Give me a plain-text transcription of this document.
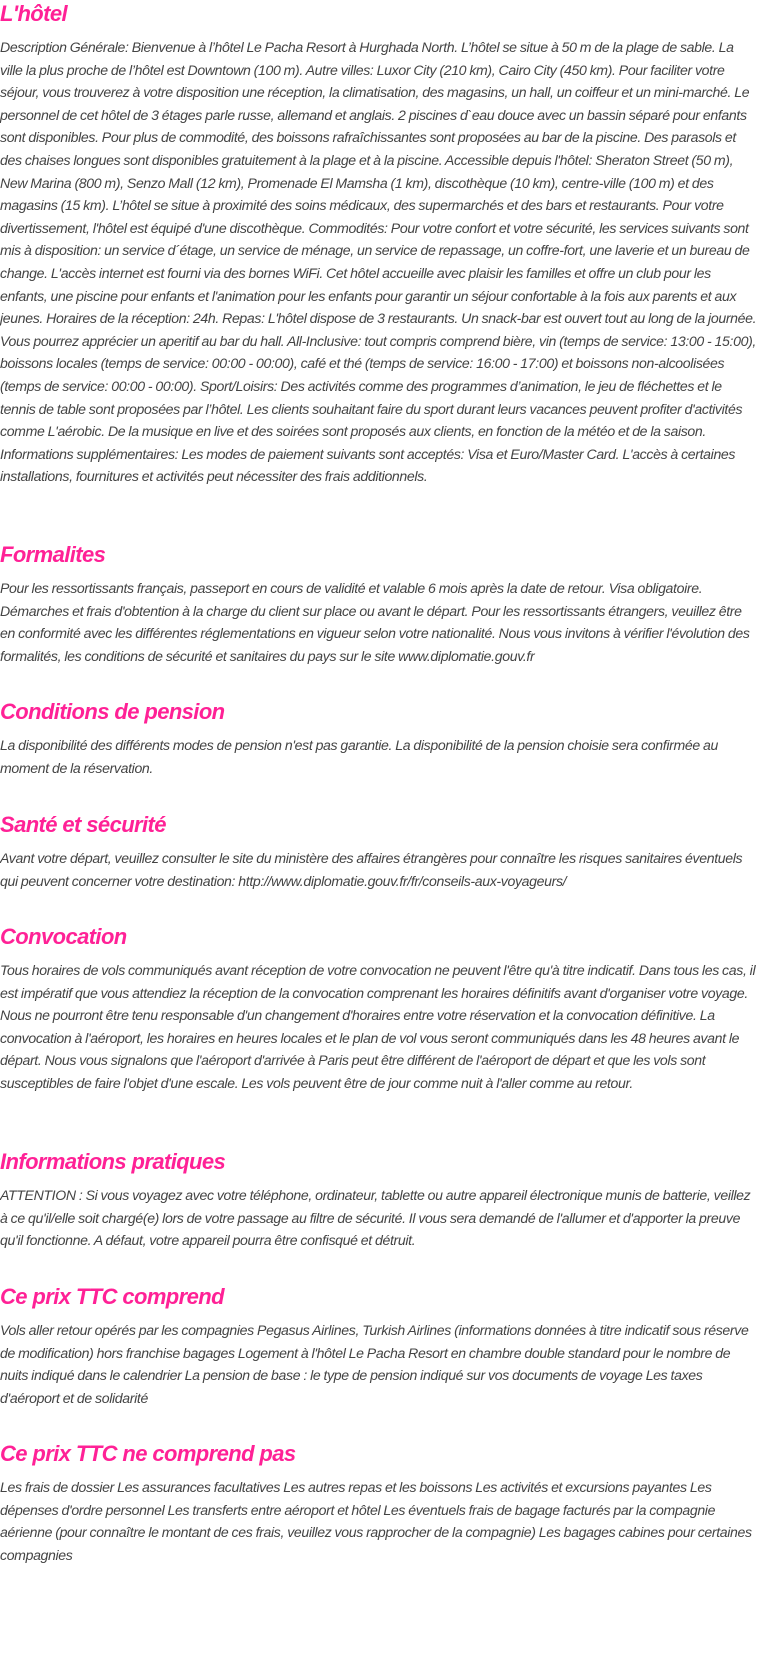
L'hôtel

Description Générale: Bienvenue à l’hôtel Le Pacha Resort à Hurghada North. L’hôtel se situe à 50 m de la plage de sable. La ville la plus proche de l’hôtel est Downtown (100 m). Autre villes: Luxor City (210 km), Cairo City (450 km). Pour faciliter votre séjour, vous trouverez à votre disposition une réception, la climatisation, des magasins, un hall, un coiffeur et un mini-marché. Le personnel de cet hôtel de 3 étages parle russe, allemand et anglais. 2 piscines d`eau douce avec un bassin séparé pour enfants sont disponibles. Pour plus de commodité, des boissons rafraîchissantes sont proposées au bar de la piscine. Des parasols et des chaises longues sont disponibles gratuitement à la plage et à la piscine. Accessible depuis l'hôtel: Sheraton Street (50 m), New Marina (800 m), Senzo Mall (12 km), Promenade El Mamsha (1 km), discothèque (10 km), centre-ville (100 m) et des magasins (15 km). L’hôtel se situe à proximité des soins médicaux, des supermarchés et des bars et restaurants. Pour votre divertissement, l'hôtel est équipé d'une discothèque. Commodités: Pour votre confort et votre sécurité, les services suivants sont mis à disposition: un service d´étage, un service de ménage, un service de repassage, un coffre-fort, une laverie et un bureau de change. L'accès internet est fourni via des bornes WiFi. Cet hôtel accueille avec plaisir les familles et offre un club pour les enfants, une piscine pour enfants et l'animation pour les enfants pour garantir un séjour confortable à la fois aux parents et aux jeunes. Horaires de la réception: 24h. Repas: L'hôtel dispose de 3 restaurants. Un snack-bar est ouvert tout au long de la journée. Vous pourrez apprécier un aperitif au bar du hall. All-Inclusive: tout compris comprend bière, vin (temps de service: 13:00 - 15:00), boissons locales (temps de service: 00:00 - 00:00), café et thé (temps de service: 16:00 - 17:00) et boissons non-alcoolisées (temps de service: 00:00 - 00:00). Sport/Loisirs: Des activités comme des programmes d’animation, le jeu de fléchettes et le tennis de table sont proposées par l’hôtel. Les clients souhaitant faire du sport durant leurs vacances peuvent profiter d'activités comme L'aérobic. De la musique en live et des soirées sont proposés aux clients, en fonction de la météo et de la saison. Informations supplémentaires: Les modes de paiement suivants sont acceptés: Visa et Euro/Master Card. L'accès à certaines installations, fournitures et activités peut nécessiter des frais additionnels.

Formalites

Pour les ressortissants français, passeport en cours de validité et valable 6 mois après la date de retour. Visa obligatoire. Démarches et frais d'obtention à la charge du client sur place ou avant le départ. Pour les ressortissants étrangers, veuillez être en conformité avec les différentes réglementations en vigueur selon votre nationalité. Nous vous invitons à vérifier l'évolution des formalités, les conditions de sécurité et sanitaires du pays sur le site www.diplomatie.gouv.fr

Conditions de pension

La disponibilité des différents modes de pension n'est pas garantie. La disponibilité de la pension choisie sera confirmée au moment de la réservation.

Santé et sécurité

Avant votre départ, veuillez consulter le site du ministère des affaires étrangères pour connaître les risques sanitaires éventuels qui peuvent concerner votre destination: http://www.diplomatie.gouv.fr/fr/conseils-aux-voyageurs/

Convocation

Tous horaires de vols communiqués avant réception de votre convocation ne peuvent l'être qu'à titre indicatif. Dans tous les cas, il est impératif que vous attendiez la réception de la convocation comprenant les horaires définitifs avant d'organiser votre voyage. Nous ne pourront être tenu responsable d'un changement d'horaires entre votre réservation et la convocation définitive. La convocation à l'aéroport, les horaires en heures locales et le plan de vol vous seront communiqués dans les 48 heures avant le départ. Nous vous signalons que l'aéroport d'arrivée à Paris peut être différent de l'aéroport de départ et que les vols sont susceptibles de faire l'objet d'une escale. Les vols peuvent être de jour comme nuit à l'aller comme au retour.

Informations pratiques

ATTENTION : Si vous voyagez avec votre téléphone, ordinateur, tablette ou autre appareil électronique munis de batterie, veillez à ce qu'il/elle soit chargé(e) lors de votre passage au filtre de sécurité. Il vous sera demandé de l'allumer et d'apporter la preuve qu'il fonctionne. A défaut, votre appareil pourra être confisqué et détruit.

Ce prix TTC comprend

Vols aller retour opérés par les compagnies Pegasus Airlines, Turkish Airlines (informations données à titre indicatif sous réserve de modification) hors franchise bagages Logement à l'hôtel Le Pacha Resort en chambre double standard pour le nombre de nuits indiqué dans le calendrier La pension de base : le type de pension indiqué sur vos documents de voyage Les taxes d'aéroport et de solidarité

Ce prix TTC ne comprend pas

Les frais de dossier Les assurances facultatives Les autres repas et les boissons Les activités et excursions payantes Les dépenses d'ordre personnel Les transferts entre aéroport et hôtel Les éventuels frais de bagage facturés par la compagnie aérienne (pour connaître le montant de ces frais, veuillez vous rapprocher de la compagnie) Les bagages cabines pour certaines compagnies
